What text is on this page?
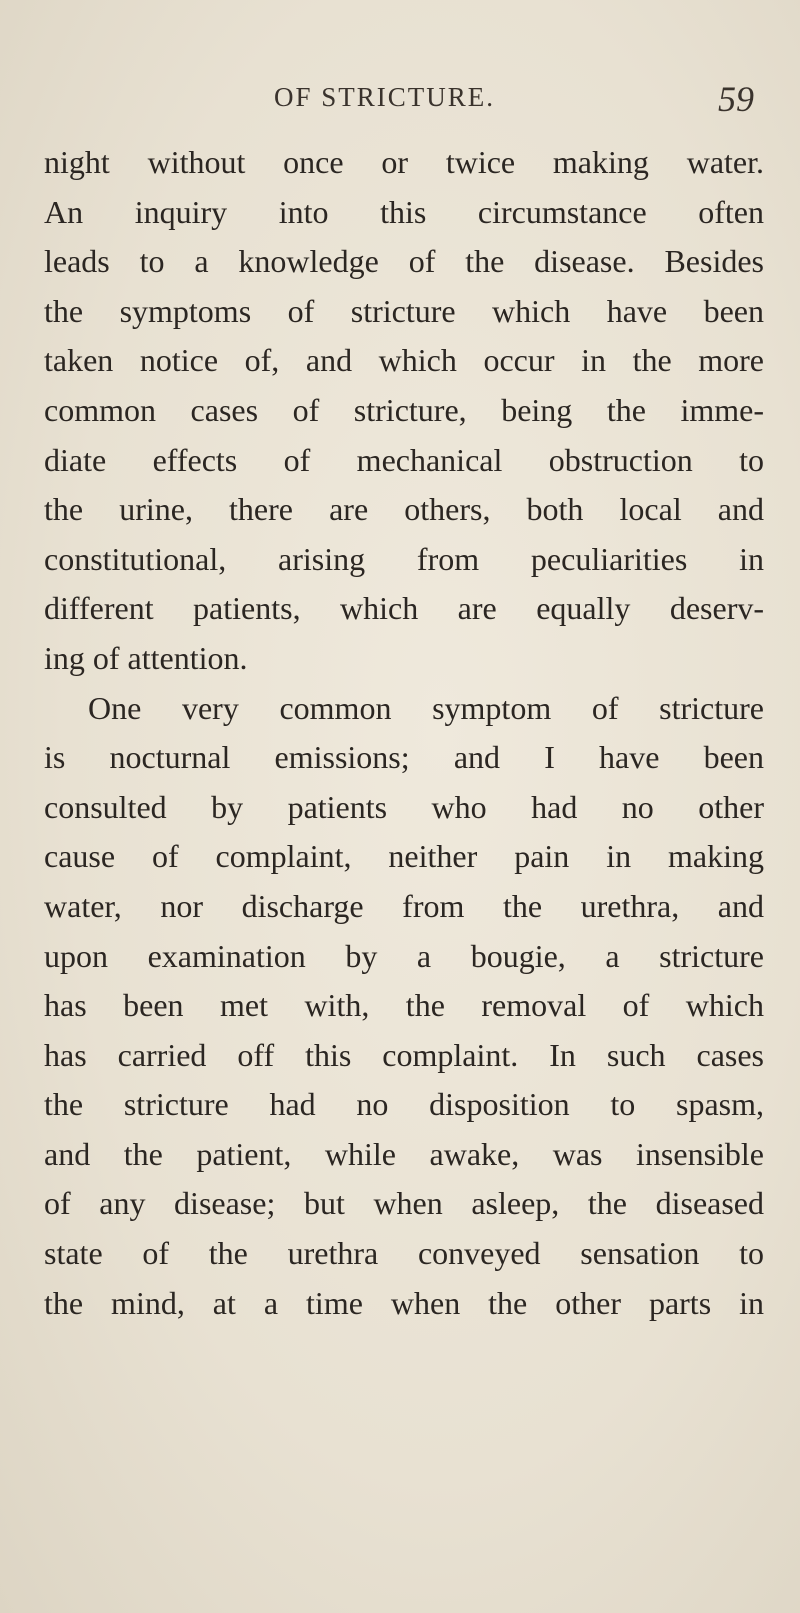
OF STRICTURE.	59
night without once or twice making water.
An inquiry into this circumstance often
leads to a knowledge of the disease. Besides
the symptoms of stricture which have been
taken notice of, and which occur in the more
common cases of stricture, being the imme-
diate effects of mechanical obstruction to
the urine, there are others, both local and
constitutional, arising from peculiarities in
different patients, which are equally deserv-
ing of attention.
One very common symptom of stricture
is nocturnal emissions; and I have been
consulted by patients who had no other
cause of complaint, neither pain in making
water, nor discharge from the urethra, and
upon examination by a bougie, a stricture
has been met with, the removal of which
has carried off this complaint. In such cases
the stricture had no disposition to spasm,
and the patient, while awake, was insensible
of any disease; but when asleep, the diseased
state of the urethra conveyed sensation to
the mind, at a time when the other parts in
